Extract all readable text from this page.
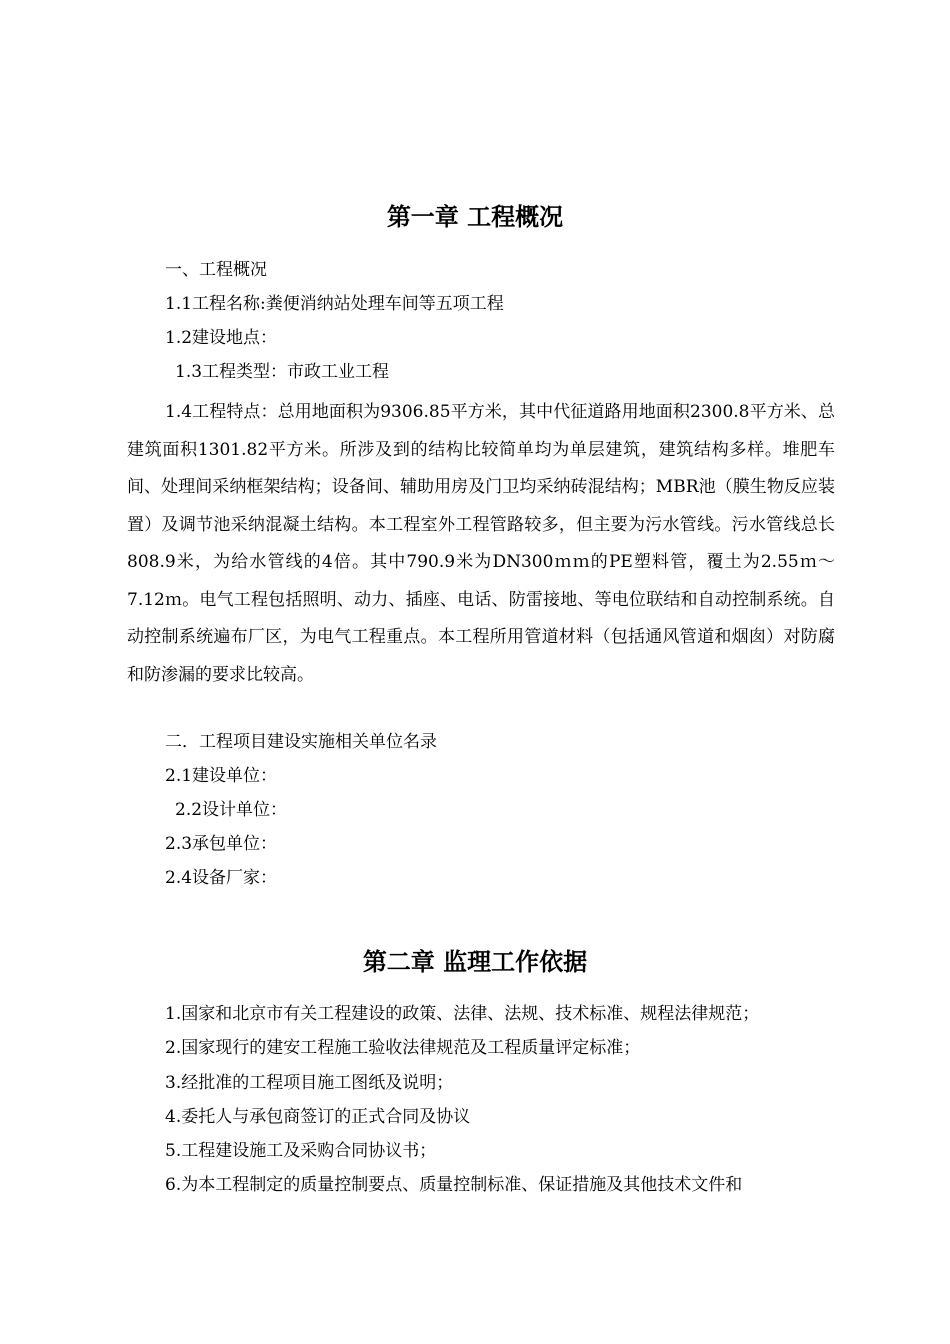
第一章 工程概况

一、工程概况

1.1工程名称:粪便消纳站处理车间等五项工程

1.2建设地点：

1.3工程类型：市政工业工程

1.4工程特点：总用地面积为9306.85平方米，其中代征道路用地面积2300.8平方米、总建筑面积1301.82平方米。所涉及到的结构比较简单均为单层建筑，建筑结构多样。堆肥车间、处理间采纳框架结构；设备间、辅助用房及门卫均采纳砖混结构；MBR池（膜生物反应装置）及调节池采纳混凝土结构。本工程室外工程管路较多，但主要为污水管线。污水管线总长808.9米，为给水管线的4倍。其中790.9米为DN300ｍｍ的PE塑料管，覆土为2.55ｍ～7.12ｍ。电气工程包括照明、动力、插座、电话、防雷接地、等电位联结和自动控制系统。自动控制系统遍布厂区，为电气工程重点。本工程所用管道材料（包括通风管道和烟囱）对防腐和防渗漏的要求比较高。

二．工程项目建设实施相关单位名录

2.1建设单位：

2.2设计单位：

2.3承包单位：

2.4设备厂家：

第二章 监理工作依据

1.国家和北京市有关工程建设的政策、法律、法规、技术标准、规程法律规范；

2.国家现行的建安工程施工验收法律规范及工程质量评定标准；

3.经批准的工程项目施工图纸及说明；

4.委托人与承包商签订的正式合同及协议

5.工程建设施工及采购合同协议书；

6.为本工程制定的质量控制要点、质量控制标准、保证措施及其他技术文件和
